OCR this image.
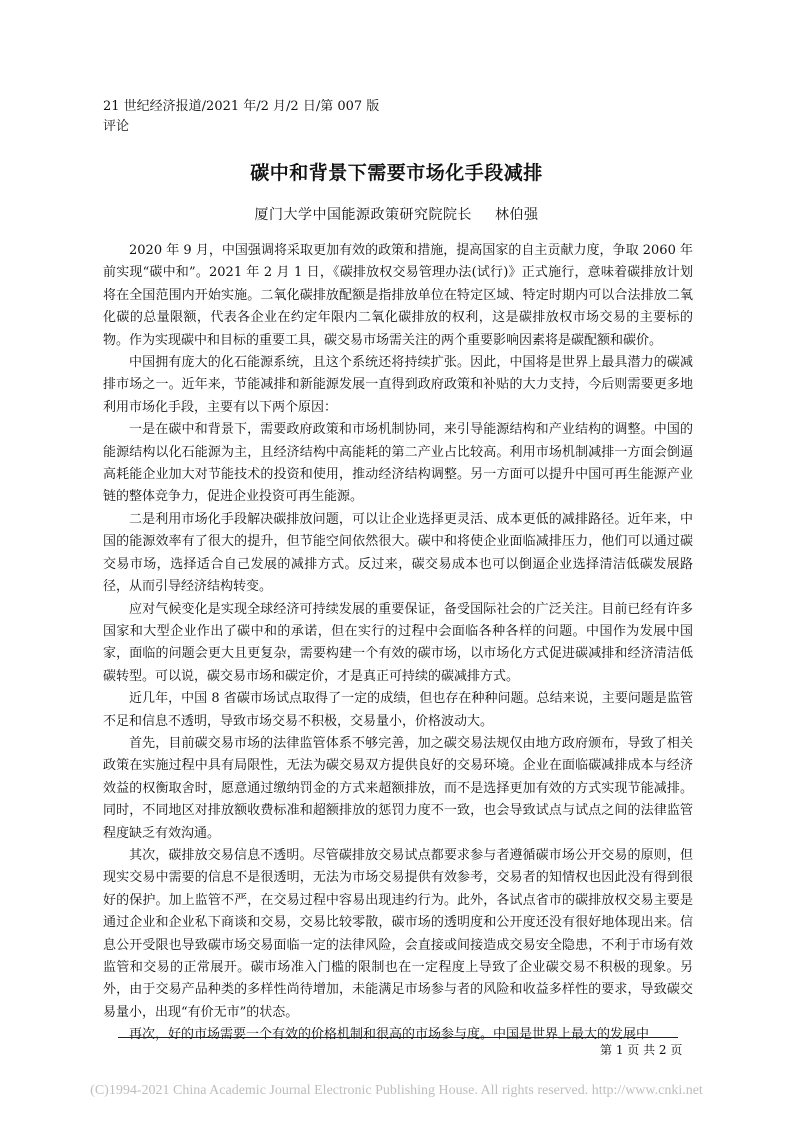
21 世纪经济报道/2021 年/2 月/2 日/第 007 版
评论
碳中和背景下需要市场化手段减排
厦门大学中国能源政策研究院院长 林伯强

2020 年 9 月，中国强调将采取更加有效的政策和措施，提高国家的自主贡献力度，争取 2060 年前实现“碳中和”。2021 年 2 月 1 日，《碳排放权交易管理办法(试行)》正式施行，意味着碳排放计划将在全国范围内开始实施。二氧化碳排放配额是指排放单位在特定区域、特定时期内可以合法排放二氧化碳的总量限额，代表各企业在约定年限内二氧化碳排放的权利，这是碳排放权市场交易的主要标的物。作为实现碳中和目标的重要工具，碳交易市场需关注的两个重要影响因素将是碳配额和碳价。

中国拥有庞大的化石能源系统，且这个系统还将持续扩张。因此，中国将是世界上最具潜力的碳减排市场之一。近年来，节能减排和新能源发展一直得到政府政策和补贴的大力支持，今后则需要更多地利用市场化手段，主要有以下两个原因：

一是在碳中和背景下，需要政府政策和市场机制协同，来引导能源结构和产业结构的调整。中国的能源结构以化石能源为主，且经济结构中高能耗的第二产业占比较高。利用市场机制减排一方面会倒逼高耗能企业加大对节能技术的投资和使用，推动经济结构调整。另一方面可以提升中国可再生能源产业链的整体竞争力，促进企业投资可再生能源。

二是利用市场化手段解决碳排放问题，可以让企业选择更灵活、成本更低的减排路径。近年来，中国的能源效率有了很大的提升，但节能空间依然很大。碳中和将使企业面临减排压力，他们可以通过碳交易市场，选择适合自己发展的减排方式。反过来，碳交易成本也可以倒逼企业选择清洁低碳发展路径，从而引导经济结构转变。

应对气候变化是实现全球经济可持续发展的重要保证，备受国际社会的广泛关注。目前已经有许多国家和大型企业作出了碳中和的承诺，但在实行的过程中会面临各种各样的问题。中国作为发展中国家，面临的问题会更大且更复杂，需要构建一个有效的碳市场，以市场化方式促进碳减排和经济清洁低碳转型。可以说，碳交易市场和碳定价，才是真正可持续的碳减排方式。

近几年，中国 8 省碳市场试点取得了一定的成绩，但也存在种种问题。总结来说，主要问题是监管不足和信息不透明，导致市场交易不积极，交易量小，价格波动大。

首先，目前碳交易市场的法律监管体系不够完善，加之碳交易法规仅由地方政府颁布，导致了相关政策在实施过程中具有局限性，无法为碳交易双方提供良好的交易环境。企业在面临碳减排成本与经济效益的权衡取舍时，愿意通过缴纳罚金的方式来超额排放，而不是选择更加有效的方式实现节能减排。同时，不同地区对排放额收费标准和超额排放的惩罚力度不一致，也会导致试点与试点之间的法律监管程度缺乏有效沟通。

其次，碳排放交易信息不透明。尽管碳排放交易试点都要求参与者遵循碳市场公开交易的原则，但现实交易中需要的信息不是很透明，无法为市场交易提供有效参考，交易者的知情权也因此没有得到很好的保护。加上监管不严，在交易过程中容易出现违约行为。此外，各试点省市的碳排放权交易主要是通过企业和企业私下商谈和交易，交易比较零散，碳市场的透明度和公开度还没有很好地体现出来。信息公开受限也导致碳市场交易面临一定的法律风险，会直接或间接造成交易安全隐患，不利于市场有效监管和交易的正常展开。碳市场准入门槛的限制也在一定程度上导致了企业碳交易不积极的现象。另外，由于交易产品种类的多样性尚待增加，未能满足市场参与者的风险和收益多样性的要求，导致碳交易量小，出现“有价无市”的状态。

再次，好的市场需要一个有效的价格机制和很高的市场参与度。中国是世界上最大的发展中

第 1 页 共 2 页
(C)1994-2021 China Academic Journal Electronic Publishing House. All rights reserved. http://www.cnki.net
